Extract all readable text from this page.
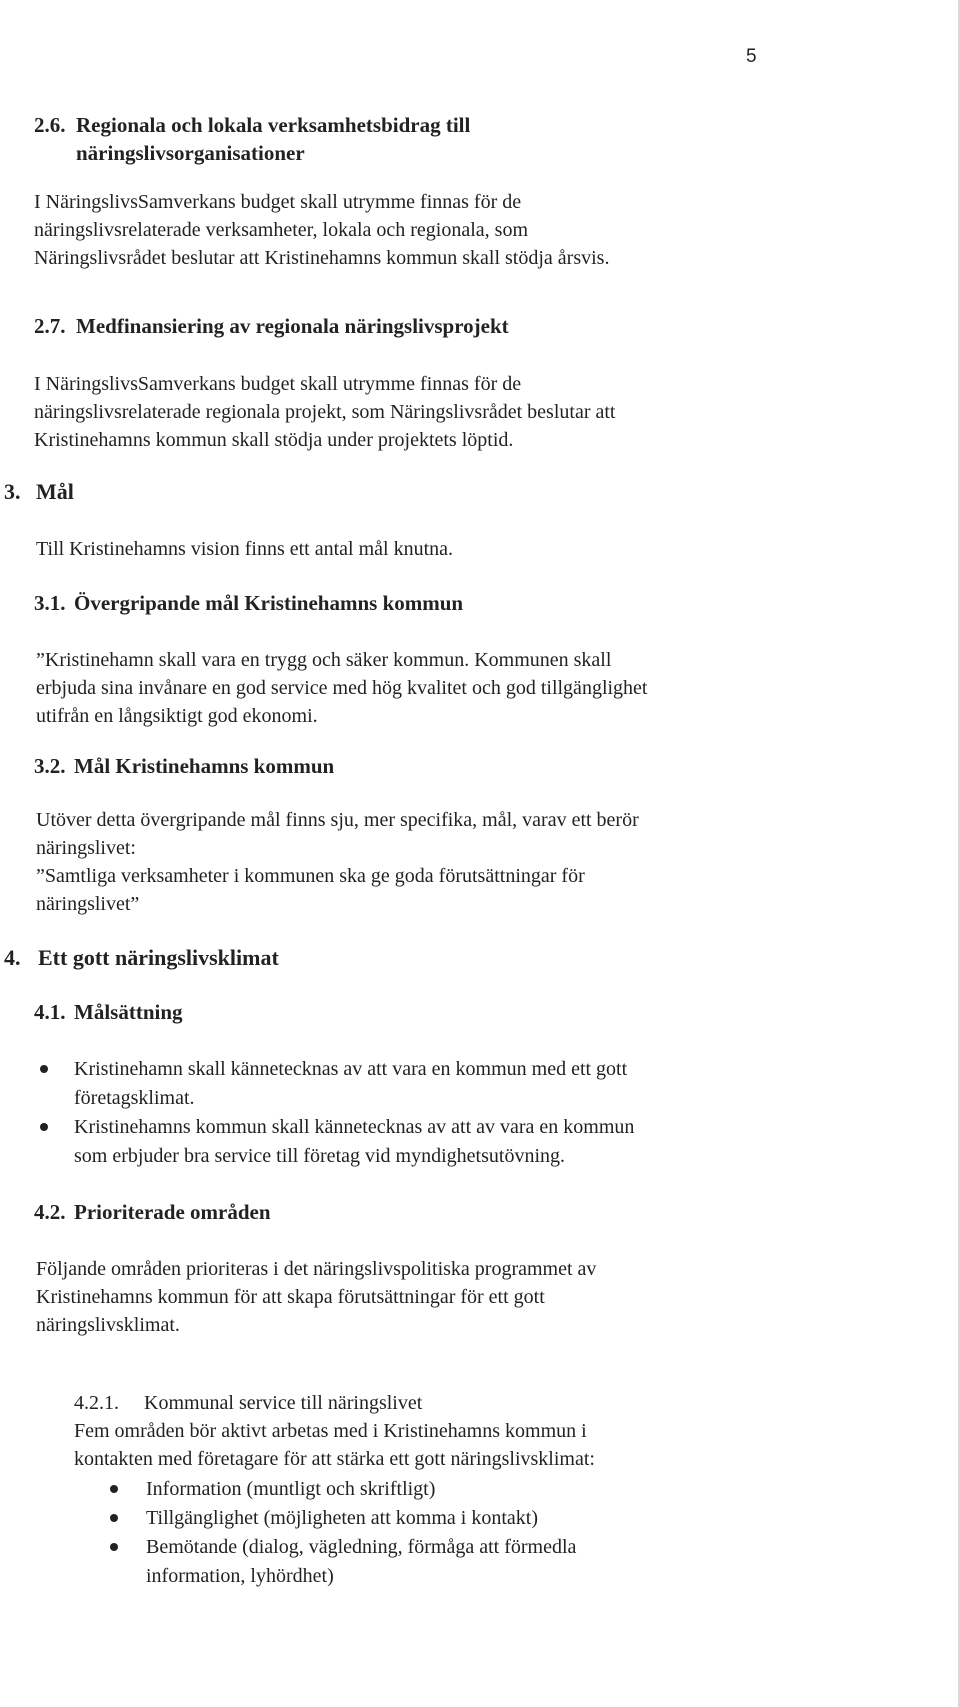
5
2.6. Regionala och lokala verksamhetsbidrag till
näringslivsorganisationer
I NäringslivsSamverkans budget skall utrymme finnas för de
näringslivsrelaterade verksamheter, lokala och regionala, som
Näringslivsrådet beslutar att Kristinehamns kommun skall stödja årsvis.
2.7. Medfinansiering av regionala näringslivsprojekt
I NäringslivsSamverkans budget skall utrymme finnas för de
näringslivsrelaterade regionala projekt, som Näringslivsrådet beslutar att
Kristinehamns kommun skall stödja under projektets löptid.
3. Mål
Till Kristinehamns vision finns ett antal mål knutna.
3.1. Övergripande mål Kristinehamns kommun
”Kristinehamn skall vara en trygg och säker kommun. Kommunen skall
erbjuda sina invånare en god service med hög kvalitet och god tillgänglighet
utifrån en långsiktigt god ekonomi.
3.2. Mål Kristinehamns kommun
Utöver detta övergripande mål finns sju, mer specifika, mål, varav ett berör
näringslivet:
”Samtliga verksamheter i kommunen ska ge goda förutsättningar för
näringslivet”
4. Ett gott näringslivsklimat
4.1. Målsättning
Kristinehamn skall kännetecknas av att vara en kommun med ett gott
företagsklimat.
Kristinehamns kommun skall kännetecknas av att av vara en kommun
som erbjuder bra service till företag vid myndighetsutövning.
4.2. Prioriterade områden
Följande områden prioriteras i det näringslivspolitiska programmet av
Kristinehamns kommun för att skapa förutsättningar för ett gott
näringslivsklimat.
4.2.1. Kommunal service till näringslivet
Fem områden bör aktivt arbetas med i Kristinehamns kommun i
kontakten med företagare för att stärka ett gott näringslivsklimat:
Information (muntligt och skriftligt)
Tillgänglighet (möjligheten att komma i kontakt)
Bemötande (dialog, vägledning, förmåga att förmedla
information, lyhördhet)
